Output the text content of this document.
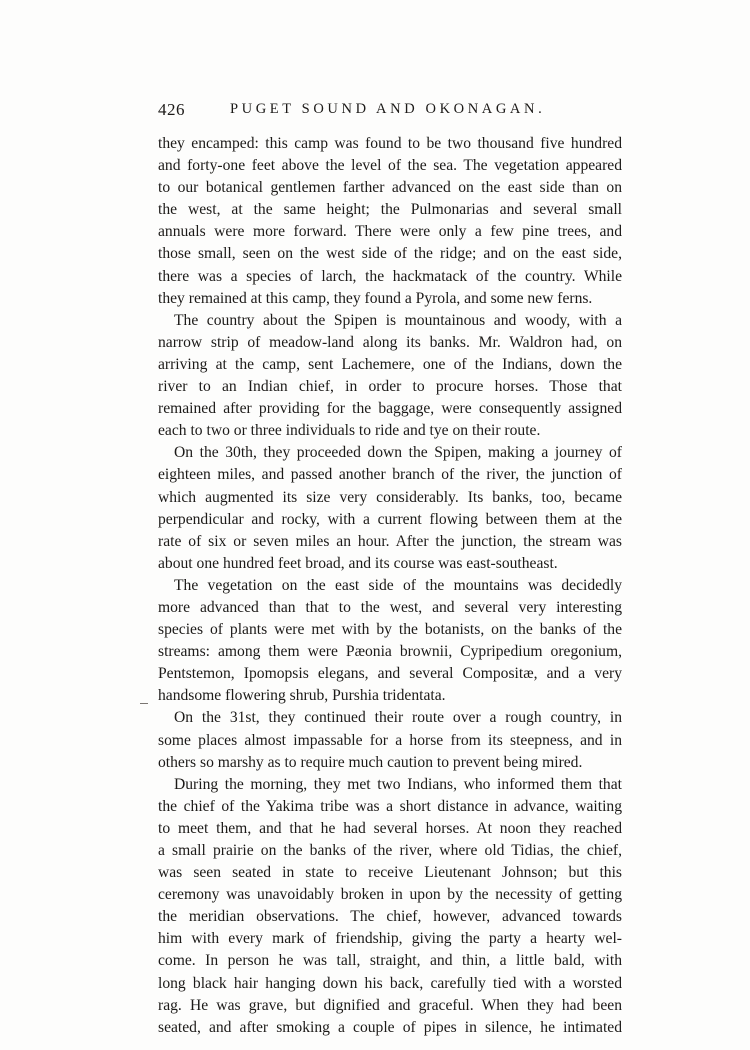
426	PUGET SOUND AND OKONAGAN.
they encamped: this camp was found to be two thousand five hundred
and forty-one feet above the level of the sea. The vegetation appeared
to our botanical gentlemen farther advanced on the east side than on
the west, at the same height; the Pulmonarias and several small
annuals were more forward. There were only a few pine trees, and
those small, seen on the west side of the ridge; and on the east side,
there was a species of larch, the hackmatack of the country. While
they remained at this camp, they found a Pyrola, and some new ferns.
The country about the Spipen is mountainous and woody, with a
narrow strip of meadow-land along its banks. Mr. Waldron had, on
arriving at the camp, sent Lachemere, one of the Indians, down the
river to an Indian chief, in order to procure horses. Those that
remained after providing for the baggage, were consequently assigned
each to two or three individuals to ride and tye on their route.
On the 30th, they proceeded down the Spipen, making a journey of
eighteen miles, and passed another branch of the river, the junction of
which augmented its size very considerably. Its banks, too, became
perpendicular and rocky, with a current flowing between them at the
rate of six or seven miles an hour. After the junction, the stream was
about one hundred feet broad, and its course was east-southeast.
The vegetation on the east side of the mountains was decidedly
more advanced than that to the west, and several very interesting
species of plants were met with by the botanists, on the banks of the
streams: among them were Pæonia brownii, Cypripedium oregonium,
Pentstemon, Ipomopsis elegans, and several Compositæ, and a very
handsome flowering shrub, Purshia tridentata.
On the 31st, they continued their route over a rough country, in
some places almost impassable for a horse from its steepness, and in
others so marshy as to require much caution to prevent being mired.
During the morning, they met two Indians, who informed them that
the chief of the Yakima tribe was a short distance in advance, waiting
to meet them, and that he had several horses. At noon they reached
a small prairie on the banks of the river, where old Tidias, the chief,
was seen seated in state to receive Lieutenant Johnson; but this
ceremony was unavoidably broken in upon by the necessity of getting
the meridian observations. The chief, however, advanced towards
him with every mark of friendship, giving the party a hearty wel-
come. In person he was tall, straight, and thin, a little bald, with
long black hair hanging down his back, carefully tied with a worsted
rag. He was grave, but dignified and graceful. When they had been
seated, and after smoking a couple of pipes in silence, he intimated
